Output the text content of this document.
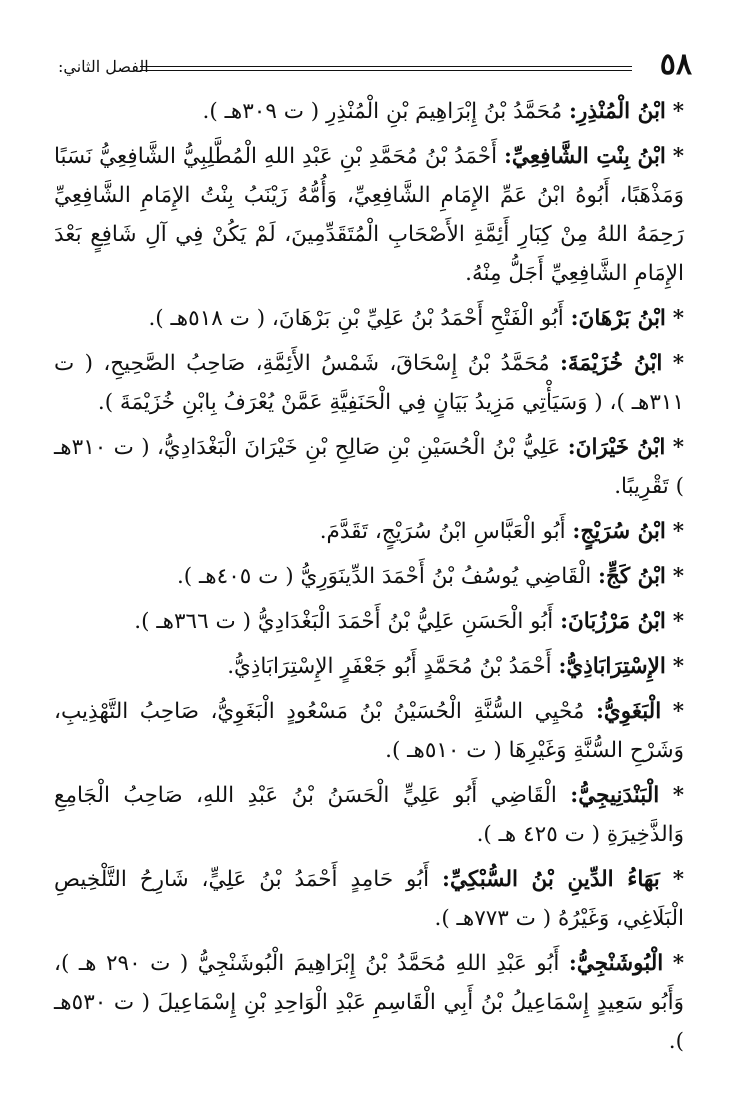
٥٨
الفصل الثاني:

* ابْنُ الْمُنْذِرِ: مُحَمَّدُ بْنُ إِبْرَاهِيمَ بْنِ الْمُنْذِرِ ( ت ٣٠٩هـ ).

* ابْنُ بِنْتِ الشَّافِعِيِّ: أَحْمَدُ بْنُ مُحَمَّدِ بْنِ عَبْدِ اللهِ الْمُطَّلِبِيُّ الشَّافِعِيُّ نَسَبًا وَمَذْهَبًا، أَبُوهُ ابْنُ عَمِّ الإِمَامِ الشَّافِعِيِّ، وَأُمُّهُ زَيْنَبُ بِنْتُ الإِمَامِ الشَّافِعِيِّ رَحِمَهُ اللهُ مِنْ كِبَارِ أَئِمَّةِ الأَصْحَابِ الْمُتَقَدِّمِينَ، لَمْ يَكُنْ فِي آلِ شَافِعٍ بَعْدَ الإِمَامِ الشَّافِعِيِّ أَجَلُّ مِنْهُ.

* ابْنُ بَرْهَانَ: أَبُو الْفَتْحِ أَحْمَدُ بْنُ عَلِيِّ بْنِ بَرْهَانَ، ( ت ٥١٨هـ ).

* ابْنُ خُزَيْمَةَ: مُحَمَّدُ بْنُ إِسْحَاقَ، شَمْسُ الأَئِمَّةِ، صَاحِبُ الصَّحِيحِ، ( ت ٣١١هـ )، ( وَسَيَأْتِي مَزِيدُ بَيَانٍ فِي الْحَنَفِيَّةِ عَمَّنْ يُعْرَفُ بِابْنِ خُزَيْمَةَ ).

* ابْنُ خَيْرَانَ: عَلِيُّ بْنُ الْحُسَيْنِ بْنِ صَالِحِ بْنِ خَيْرَانَ الْبَغْدَادِيُّ، ( ت ٣١٠هـ ) تَقْرِيبًا.

* ابْنُ سُرَيْجٍ: أَبُو الْعَبَّاسِ ابْنُ سُرَيْجٍ، تَقَدَّمَ.

* ابْنُ كَجٍّ: الْقَاضِي يُوسُفُ بْنُ أَحْمَدَ الدِّينَوَرِيُّ ( ت ٤٠٥هـ ).

* ابْنُ مَرْزُبَانَ: أَبُو الْحَسَنِ عَلِيُّ بْنُ أَحْمَدَ الْبَغْدَادِيُّ ( ت ٣٦٦هـ ).

* الإِسْتِرَابَاذِيُّ: أَحْمَدُ بْنُ مُحَمَّدٍ أَبُو جَعْفَرٍ الإِسْتِرَابَاذِيُّ.

* الْبَغَوِيُّ: مُحْيِي السُّنَّةِ الْحُسَيْنُ بْنُ مَسْعُودٍ الْبَغَوِيُّ، صَاحِبُ التَّهْذِيبِ، وَشَرْحِ السُّنَّةِ وَغَيْرِهَا ( ت ٥١٠هـ ).

* الْبَنْدَنِيجِيُّ: الْقَاضِي أَبُو عَلِيٍّ الْحَسَنُ بْنُ عَبْدِ اللهِ، صَاحِبُ الْجَامِعِ وَالذَّخِيرَةِ ( ت ٤٢٥ هـ ).

* بَهَاءُ الدِّينِ بْنُ السُّبْكِيِّ: أَبُو حَامِدٍ أَحْمَدُ بْنُ عَلِيٍّ، شَارِحُ التَّلْخِيصِ الْبَلَاغِي، وَغَيْرُهُ ( ت ٧٧٣هـ ).

* الْبُوشَنْجِيُّ: أَبُو عَبْدِ اللهِ مُحَمَّدُ بْنُ إِبْرَاهِيمَ الْبُوشَنْجِيُّ ( ت ٢٩٠ هـ )، وَأَبُو سَعِيدٍ إِسْمَاعِيلُ بْنُ أَبِي الْقَاسِمِ عَبْدِ الْوَاحِدِ بْنِ إِسْمَاعِيلَ ( ت ٥٣٠هـ ).
